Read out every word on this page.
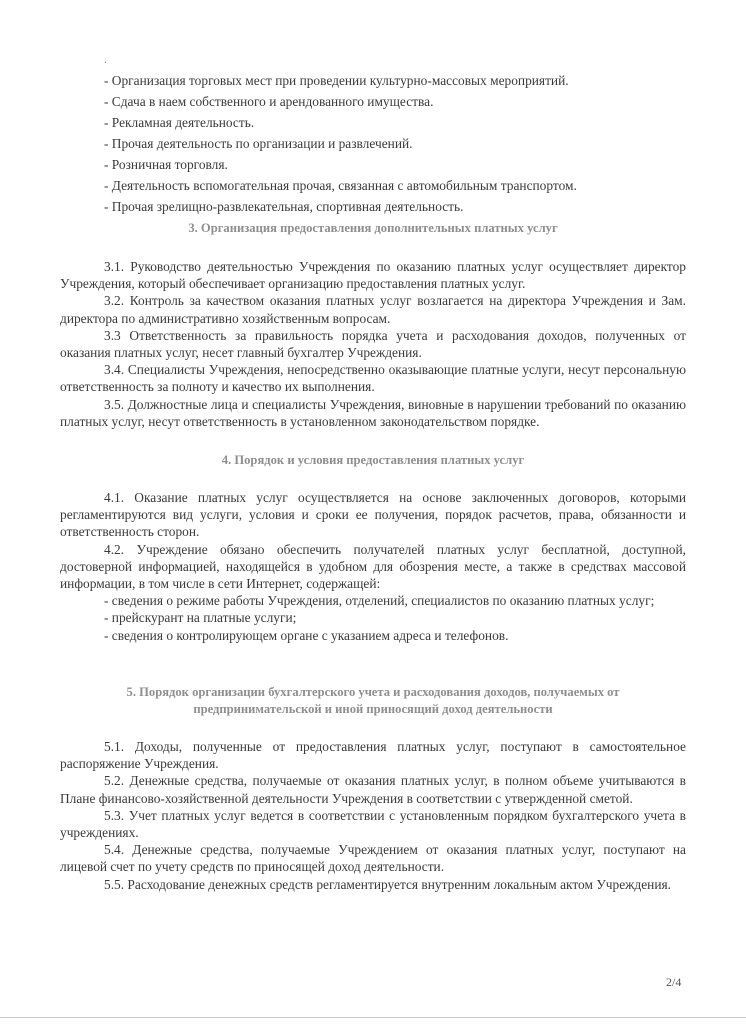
.
- Организация торговых мест при проведении культурно-массовых мероприятий.
- Сдача в наем собственного и арендованного имущества.
- Рекламная деятельность.
- Прочая деятельность по организации и развлечений.
- Розничная торговля.
- Деятельность вспомогательная прочая, связанная с автомобильным транспортом.
- Прочая зрелищно-развлекательная, спортивная деятельность.
3. Организация предоставления дополнительных платных услуг

3.1. Руководство деятельностью Учреждения по оказанию платных услуг осуществляет директор Учреждения, который обеспечивает организацию предоставления платных услуг.

3.2. Контроль за качеством оказания платных услуг возлагается на директора Учреждения и Зам. директора по административно хозяйственным вопросам.

3.3 Ответственность за правильность порядка учета и расходования доходов, полученных от оказания платных услуг, несет главный бухгалтер Учреждения.

3.4. Специалисты Учреждения, непосредственно оказывающие платные услуги, несут персональную ответственность за полноту и качество их выполнения.

3.5. Должностные лица и специалисты Учреждения, виновные в нарушении требований по оказанию платных услуг, несут ответственность в установленном законодательством порядке.

4. Порядок и условия предоставления платных услуг

4.1. Оказание платных услуг осуществляется на основе заключенных договоров, которыми регламентируются вид услуги, условия и сроки ее получения, порядок расчетов, права, обязанности и ответственность сторон.

4.2. Учреждение обязано обеспечить получателей платных услуг бесплатной, доступной, достоверной информацией, находящейся в удобном для обозрения месте, а также в средствах массовой информации, в том числе в сети Интернет, содержащей:

- сведения о режиме работы Учреждения, отделений, специалистов по оказанию платных услуг;

- прейскурант на платные услуги;

- сведения о контролирующем органе с указанием адреса и телефонов.

5. Порядок организации бухгалтерского учета и расходования доходов, получаемых от
предпринимательской и иной приносящий доход деятельности

5.1. Доходы, полученные от предоставления платных услуг, поступают в самостоятельное распоряжение Учреждения.

5.2. Денежные средства, получаемые от оказания платных услуг, в полном объеме учитываются в Плане финансово-хозяйственной деятельности Учреждения в соответствии с утвержденной сметой.

5.3. Учет платных услуг ведется в соответствии с установленным порядком бухгалтерского учета в учреждениях.

5.4. Денежные средства, получаемые Учреждением от оказания платных услуг, поступают на лицевой счет по учету средств по приносящей доход деятельности.

5.5. Расходование денежных средств регламентируется внутренним локальным актом Учреждения.

2/4
